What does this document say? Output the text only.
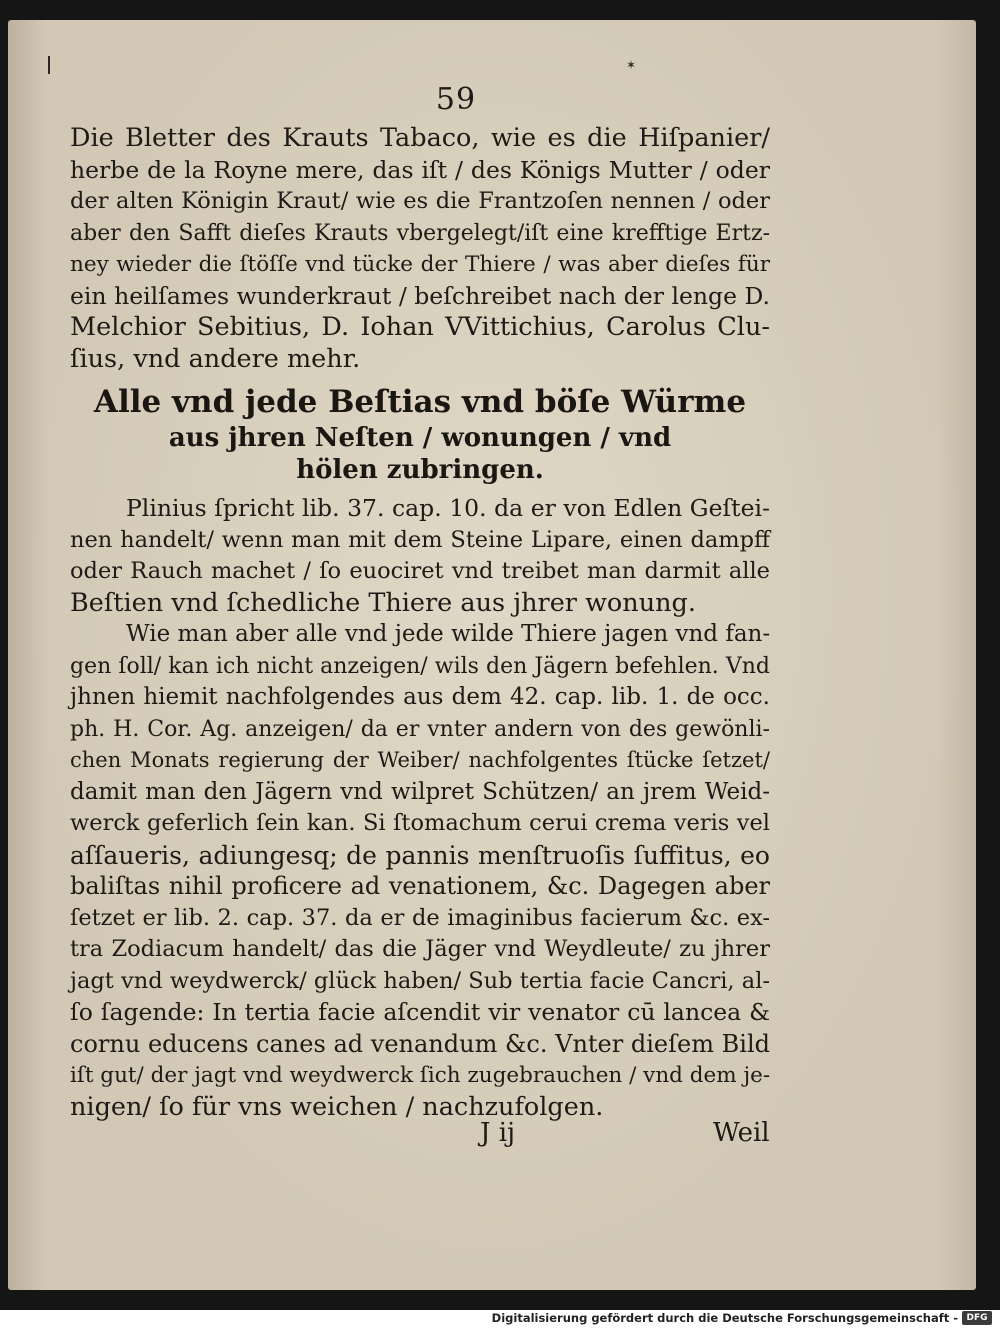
✶
59
Die Bletter des Krauts Tabaco, wie es die Hiſpanier/
herbe de la Royne mere, das iſt / des Königs Mutter / oder
der alten Königin Kraut/ wie es die Frantzoſen nennen / oder
aber den Safft dieſes Krauts vbergelegt/iſt eine krefftige Ertz-
ney wieder die ſtöſſe vnd tücke der Thiere / was aber dieſes für
ein heilſames wunderkraut / beſchreibet nach der lenge D.
Melchior Sebitius, D. Iohan VVittichius, Carolus Clu-
ſius, vnd andere mehr.
Alle vnd jede Beſtias vnd böſe Würme
aus jhren Neſten / wonungen / vnd
hölen zubringen.
Plinius ſpricht lib. 37. cap. 10. da er von Edlen Geſtei-
nen handelt/ wenn man mit dem Steine Lipare, einen dampff
oder Rauch machet / ſo euociret vnd treibet man darmit alle
Beſtien vnd ſchedliche Thiere aus jhrer wonung.
Wie man aber alle vnd jede wilde Thiere jagen vnd fan-
gen ſoll/ kan ich nicht anzeigen/ wils den Jägern befehlen. Vnd
jhnen hiemit nachfolgendes aus dem 42. cap. lib. 1. de occ.
ph. H. Cor. Ag. anzeigen/ da er vnter andern von des gewönli-
chen Monats regierung der Weiber/ nachfolgentes ſtücke ſetzet/
damit man den Jägern vnd wilpret Schützen/ an jrem Weid-
werck geferlich ſein kan. Si ſtomachum cerui crema veris vel
aſſaueris, adiungesq; de pannis menſtruoſis ſuffitus, eo
baliſtas nihil proficere ad venationem, &c. Dagegen aber
ſetzet er lib. 2. cap. 37. da er de imaginibus facierum &c. ex-
tra Zodiacum handelt/ das die Jäger vnd Weydleute/ zu jhrer
jagt vnd weydwerck/ glück haben/ Sub tertia facie Cancri, al-
ſo ſagende: In tertia facie aſcendit vir venator cū lancea &
cornu educens canes ad venandum &c. Vnter dieſem Bild
iſt gut/ der jagt vnd weydwerck ſich zugebrauchen / vnd dem je-
nigen/ ſo für vns weichen / nachzufolgen.
J ij	Weil
Digitalisierung gefördert durch die Deutsche Forschungsgemeinschaft - DFG
